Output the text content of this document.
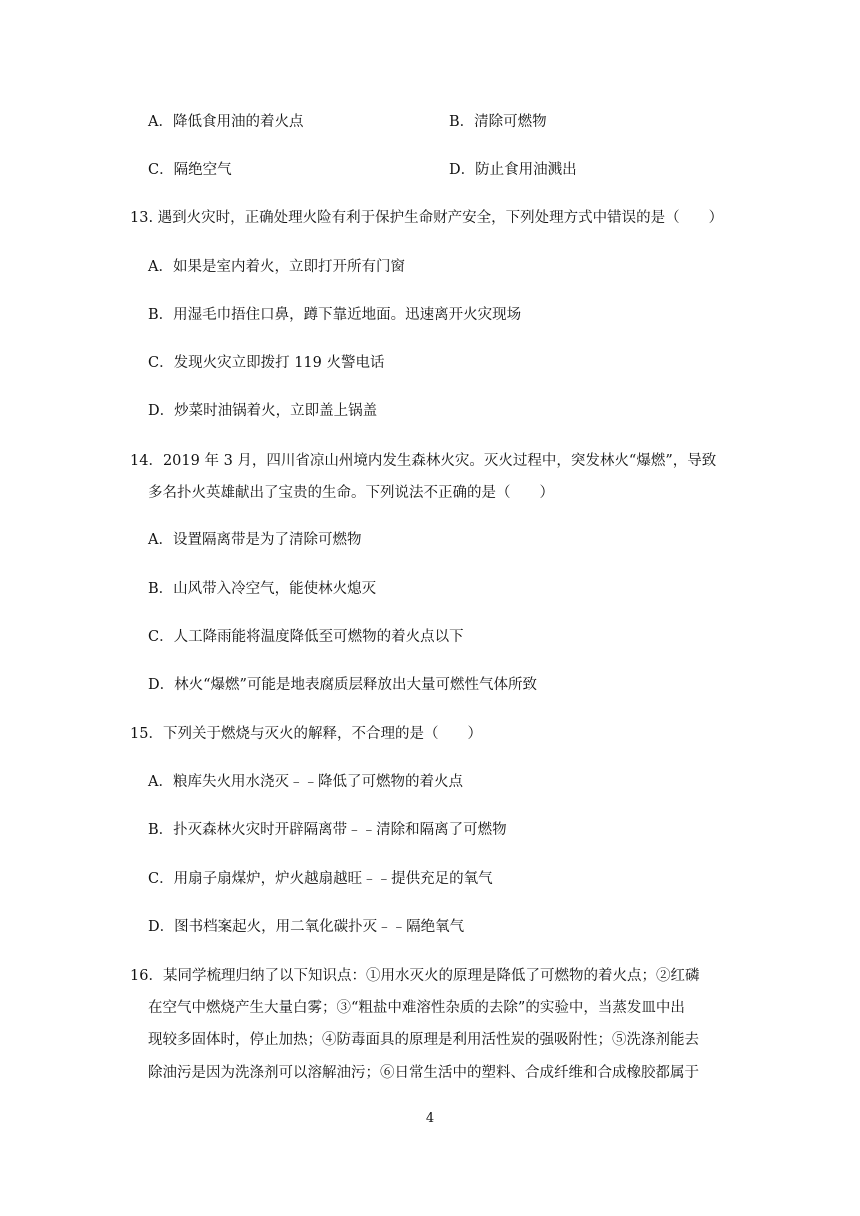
A．降低食用油的着火点	B．清除可燃物
C．隔绝空气	D．防止食用油溅出
13. 遇到火灾时，正确处理火险有利于保护生命财产安全，下列处理方式中错误的是（　　）
A．如果是室内着火，立即打开所有门窗
B．用湿毛巾捂住口鼻，蹲下靠近地面。迅速离开火灾现场
C．发现火灾立即拨打 119 火警电话
D．炒菜时油锅着火，立即盖上锅盖
14．2019 年 3 月，四川省凉山州境内发生森林火灾。灭火过程中，突发林火“爆燃”，导致
多名扑火英雄献出了宝贵的生命。下列说法不正确的是（　　）
A．设置隔离带是为了清除可燃物
B．山风带入冷空气，能使林火熄灭
C．人工降雨能将温度降低至可燃物的着火点以下
D．林火“爆燃”可能是地表腐质层释放出大量可燃性气体所致
15．下列关于燃烧与灭火的解释，不合理的是（　　）
A．粮库失火用水浇灭﹣﹣降低了可燃物的着火点
B．扑灭森林火灾时开辟隔离带﹣﹣清除和隔离了可燃物
C．用扇子扇煤炉，炉火越扇越旺﹣﹣提供充足的氧气
D．图书档案起火，用二氧化碳扑灭﹣﹣隔绝氧气
16．某同学梳理归纳了以下知识点：①用水灭火的原理是降低了可燃物的着火点；②红磷
在空气中燃烧产生大量白雾；③“粗盐中难溶性杂质的去除”的实验中，当蒸发皿中出
现较多固体时，停止加热；④防毒面具的原理是利用活性炭的强吸附性；⑤洗涤剂能去
除油污是因为洗涤剂可以溶解油污；⑥日常生活中的塑料、合成纤维和合成橡胶都属于
4
